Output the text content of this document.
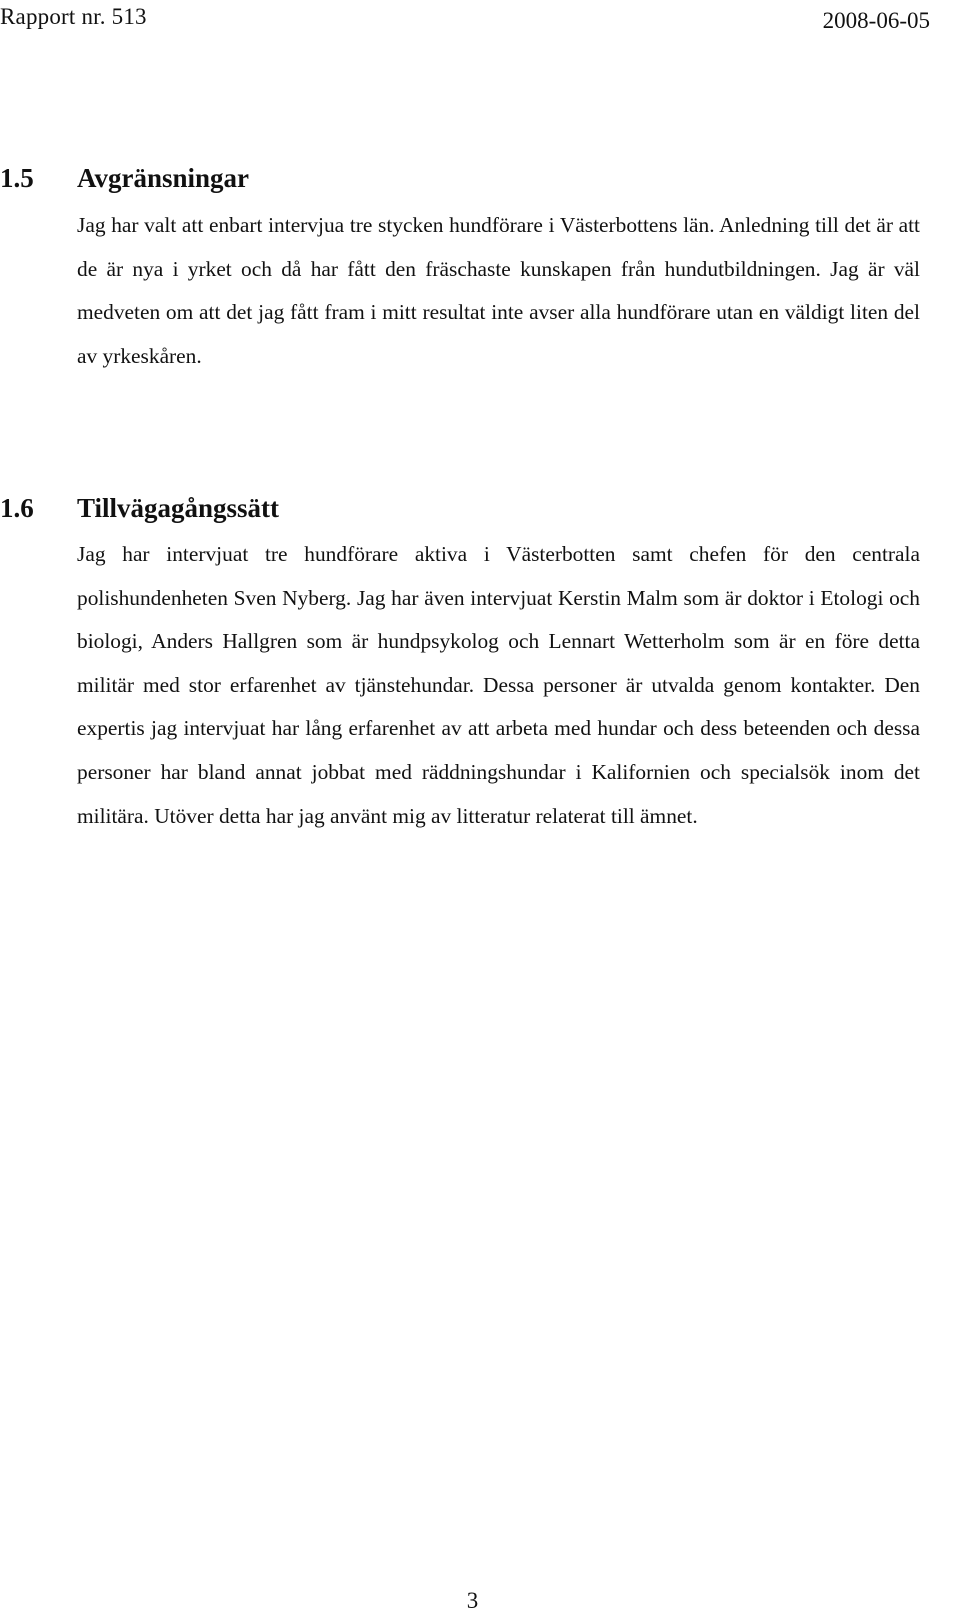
Rapport nr. 513	2008-06-05
1.5	Avgränsningar

Jag har valt att enbart intervjua tre stycken hundförare i Västerbottens län. Anledning till det är att de är nya i yrket och då har fått den fräschaste kunskapen från hundutbildningen. Jag är väl medveten om att det jag fått fram i mitt resultat inte avser alla hundförare utan en väldigt liten del av yrkeskåren.

1.6	Tillvägagångssätt

Jag har intervjuat tre hundförare aktiva i Västerbotten samt chefen för den centrala polishundenheten Sven Nyberg. Jag har även intervjuat Kerstin Malm som är doktor i Etologi och biologi, Anders Hallgren som är hundpsykolog och Lennart Wetterholm som är en före detta militär med stor erfarenhet av tjänstehundar. Dessa personer är utvalda genom kontakter. Den expertis jag intervjuat har lång erfarenhet av att arbeta med hundar och dess beteenden och dessa personer har bland annat jobbat med räddningshundar i Kalifornien och specialsök inom det militära. Utöver detta har jag använt mig av litteratur relaterat till ämnet.

3
